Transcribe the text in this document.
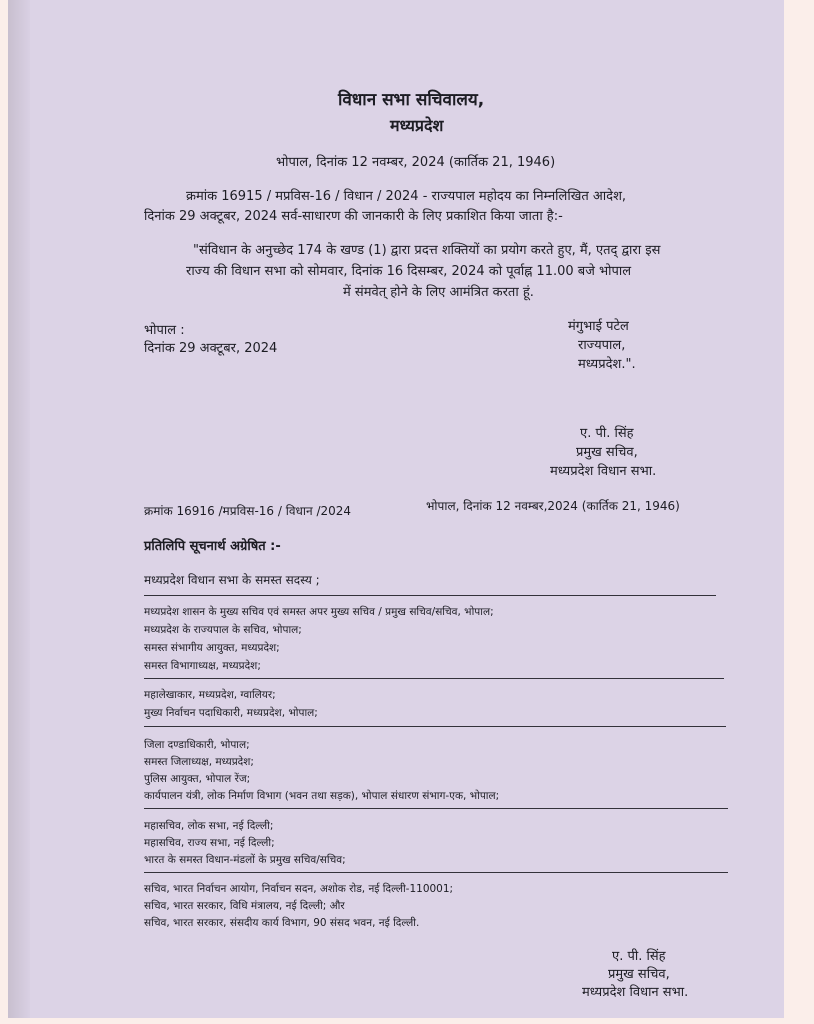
विधान सभा सचिवालय,
मध्यप्रदेश
भोपाल, दिनांक 12 नवम्बर, 2024 (कार्तिक 21, 1946)
क्रमांक 16915 / मप्रविस-16 / विधान / 2024 - राज्यपाल महोदय का निम्नलिखित आदेश,
दिनांक 29 अक्टूबर, 2024 सर्व-साधारण की जानकारी के लिए प्रकाशित किया जाता है:-
"संविधान के अनुच्छेद 174 के खण्ड (1) द्वारा प्रदत्त शक्तियों का प्रयोग करते हुए, मैं, एतद् द्वारा इस
राज्य की विधान सभा को सोमवार, दिनांक 16 दिसम्बर, 2024 को पूर्वाह्न 11.00 बजे भोपाल
में संमवेत् होने के लिए आमंत्रित करता हूं.
भोपाल :
दिनांक 29 अक्टूबर, 2024
मंगुभाई पटेल
राज्यपाल,
मध्यप्रदेश.".
ए. पी. सिंह
प्रमुख सचिव,
मध्यप्रदेश विधान सभा.
क्रमांक 16916 /मप्रविस-16 / विधान /2024	भोपाल, दिनांक 12 नवम्बर,2024 (कार्तिक 21, 1946)
प्रतिलिपि सूचनार्थ अग्रेषित :-
मध्यप्रदेश विधान सभा के समस्त सदस्य ;
मध्यप्रदेश शासन के मुख्य सचिव एवं समस्त अपर मुख्य सचिव / प्रमुख सचिव/सचिव, भोपाल;
मध्यप्रदेश के राज्यपाल के सचिव, भोपाल;
समस्त संभागीय आयुक्त, मध्यप्रदेश;
समस्त विभागाध्यक्ष, मध्यप्रदेश;
महालेखाकार, मध्यप्रदेश, ग्वालियर;
मुख्य निर्वाचन पदाधिकारी, मध्यप्रदेश, भोपाल;
जिला दण्डाधिकारी, भोपाल;
समस्त जिलाध्यक्ष, मध्यप्रदेश;
पुलिस आयुक्त, भोपाल रेंज;
कार्यपालन यंत्री, लोक निर्माण विभाग (भवन तथा सड़क), भोपाल संधारण संभाग-एक, भोपाल;
महासचिव, लोक सभा, नई दिल्ली;
महासचिव, राज्य सभा, नई दिल्ली;
भारत के समस्त विधान-मंडलों के प्रमुख सचिव/सचिव;
सचिव, भारत निर्वाचन आयोग, निर्वाचन सदन, अशोक रोड, नई दिल्ली-110001;
सचिव, भारत सरकार, विधि मंत्रालय, नई दिल्ली; और
सचिव, भारत सरकार, संसदीय कार्य विभाग, 90 संसद भवन, नई दिल्ली.
ए. पी. सिंह
प्रमुख सचिव,
मध्यप्रदेश विधान सभा.
